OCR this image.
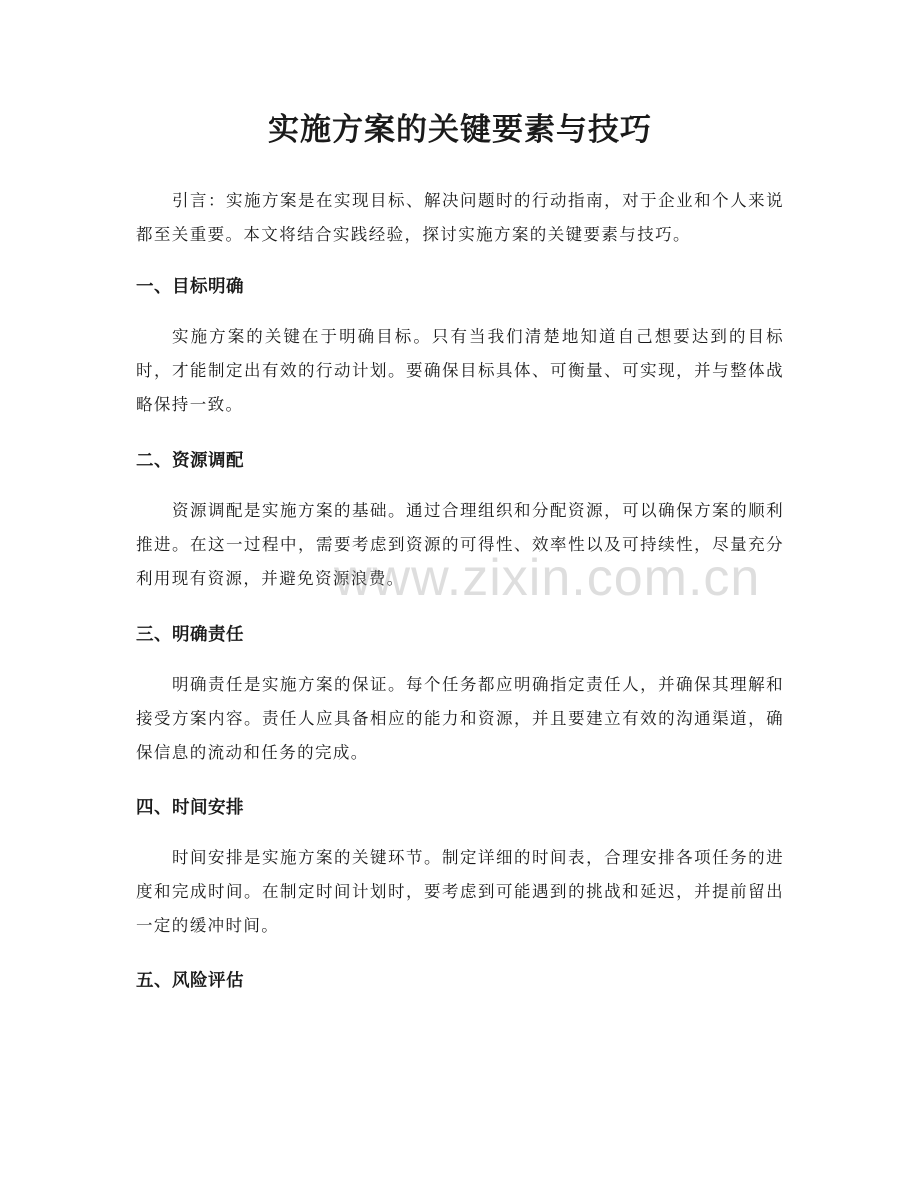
实施方案的关键要素与技巧

引言：实施方案是在实现目标、解决问题时的行动指南，对于企业和个人来说都至关重要。本文将结合实践经验，探讨实施方案的关键要素与技巧。

一、目标明确

实施方案的关键在于明确目标。只有当我们清楚地知道自己想要达到的目标时，才能制定出有效的行动计划。要确保目标具体、可衡量、可实现，并与整体战略保持一致。

二、资源调配

资源调配是实施方案的基础。通过合理组织和分配资源，可以确保方案的顺利推进。在这一过程中，需要考虑到资源的可得性、效率性以及可持续性，尽量充分利用现有资源，并避免资源浪费。

三、明确责任

明确责任是实施方案的保证。每个任务都应明确指定责任人，并确保其理解和接受方案内容。责任人应具备相应的能力和资源，并且要建立有效的沟通渠道，确保信息的流动和任务的完成。

四、时间安排

时间安排是实施方案的关键环节。制定详细的时间表，合理安排各项任务的进度和完成时间。在制定时间计划时，要考虑到可能遇到的挑战和延迟，并提前留出一定的缓冲时间。

五、风险评估
www.zixin.com.cn
